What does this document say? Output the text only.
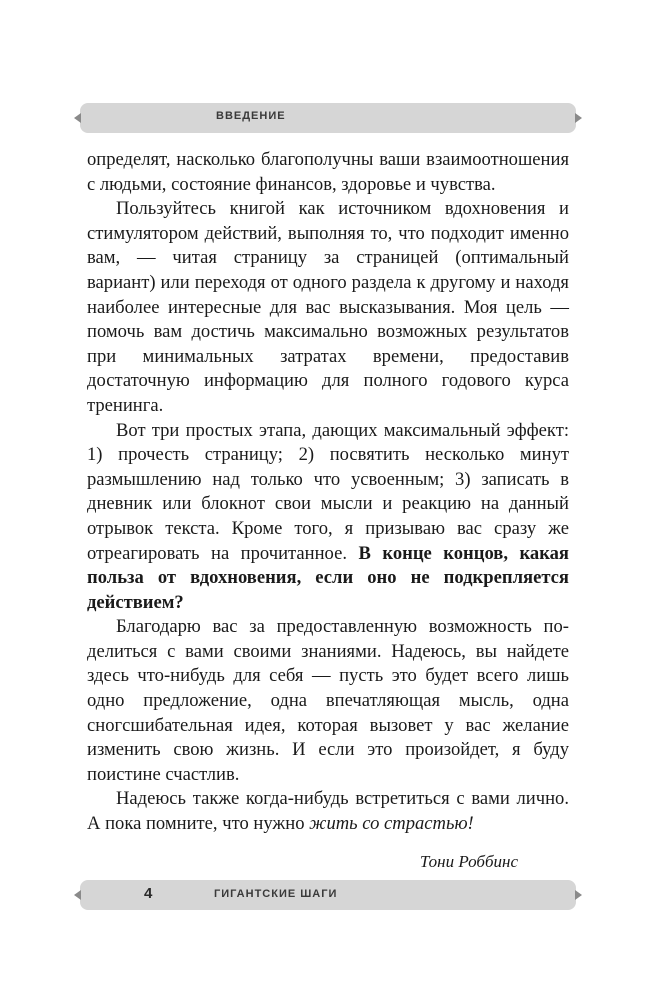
ВВЕДЕНИЕ

определят, насколько благополучны ваши взаимоотношения с людьми, состояние финансов, здоровье и чувства.

Пользуйтесь книгой как источником вдохновения и стимулятором действий, выполняя то, что подходит именно вам, — читая страницу за страницей (оптимальный вариант) или переходя от одного раздела к другому и находя наиболее интересные для вас высказывания. Моя цель — помочь вам достичь максимально возможных результатов при минимальных затратах времени, предоставив достаточную информацию для полного годового курса тренинга.

Вот три простых этапа, дающих максимальный эффект: 1) прочесть страницу; 2) посвятить несколько минут размышлению над только что усвоенным; 3) записать в дневник или блокнот свои мысли и реакцию на данный отрывок текста. Кроме того, я призываю вас сразу же отреагировать на прочитанное. В конце концов, какая польза от вдохновения, если оно не подкрепляется действием?

Благодарю вас за предоставленную возможность поделиться с вами своими знаниями. Надеюсь, вы найдете здесь что-нибудь для себя — пусть это будет всего лишь одно предложение, одна впечатляющая мысль, одна сногсшибательная идея, которая вызовет у вас желание изменить свою жизнь. И если это произойдет, я буду поистине счастлив.

Надеюсь также когда-нибудь встретиться с вами лично. А пока помните, что нужно жить со страстью!

Тони Роббинс
4	ГИГАНТСКИЕ ШАГИ
